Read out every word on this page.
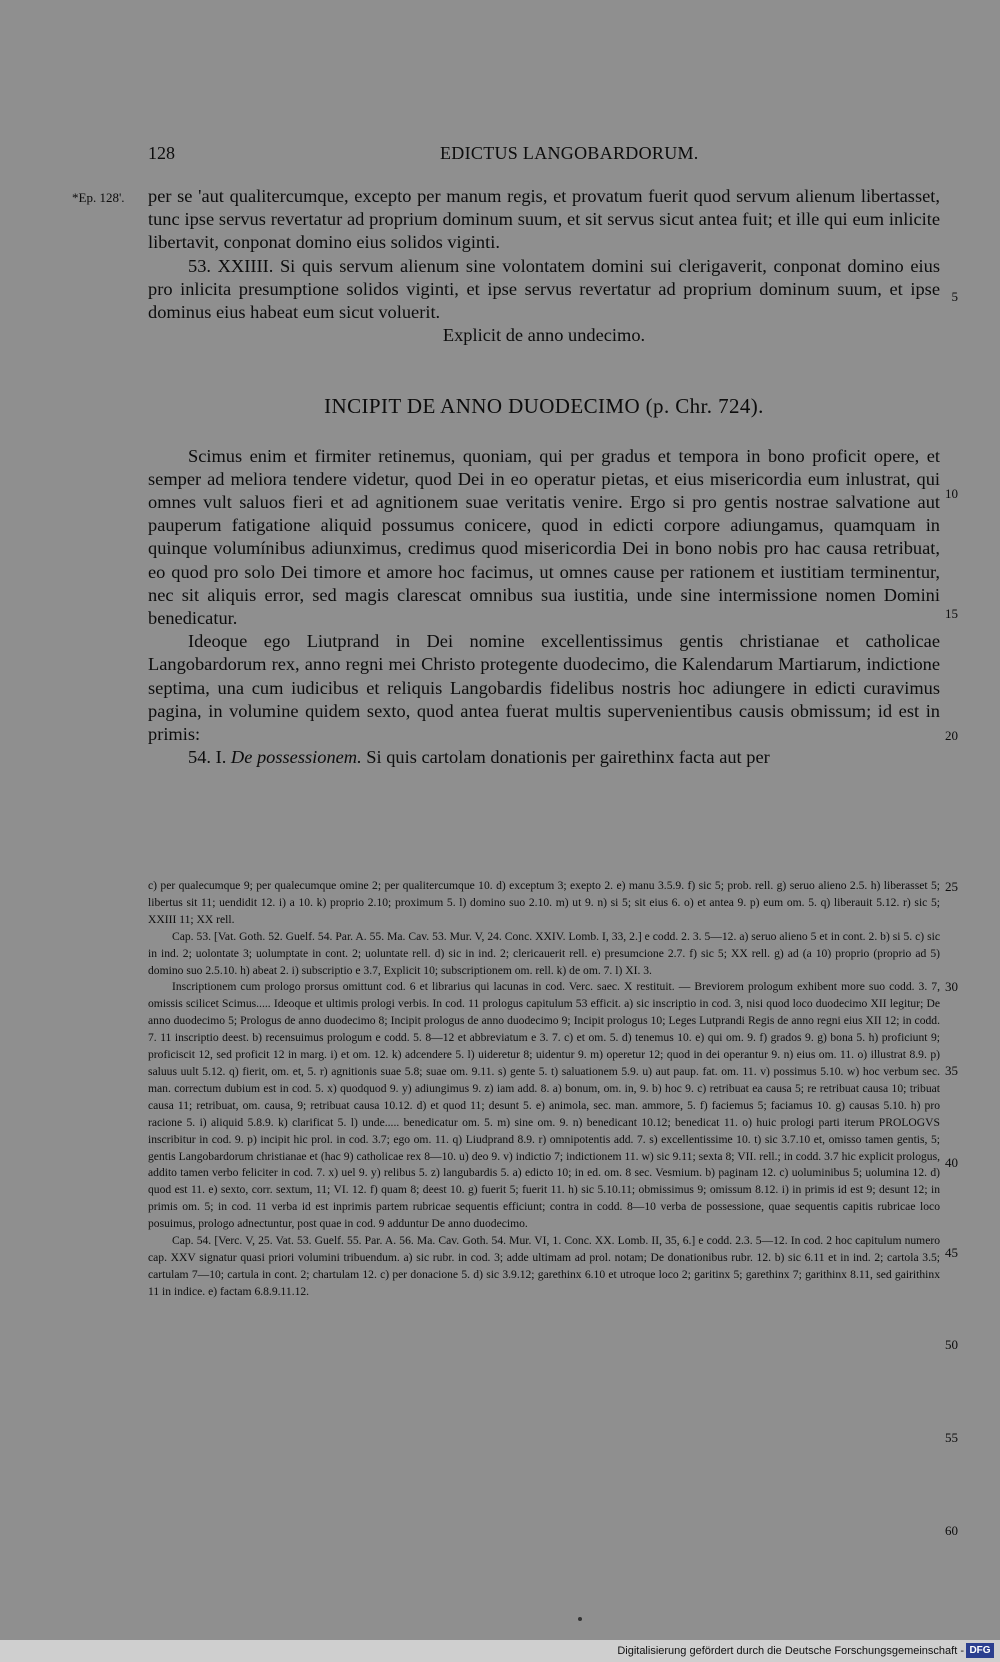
128	EDICTUS LANGOBARDORUM.
*Ep. 128'. per se 'aut qualitercumque, excepto per manum regis, et provatum fuerit quod servum alienum libertasset, tunc ipse servus revertatur ad proprium dominum suum, et sit servus sicut antea fuit; et ille qui eum inlicite libertavit, conponat domino eius solidos viginti.

53. XXIIII. Si quis servum alienum sine volontatem domini sui clerigaverit, conponat domino eius pro inlicita presumptione solidos viginti, et ipse servus revertatur ad proprium dominum suum, et ipse dominus eius habeat eum sicut voluerit.

Explicit de anno undecimo.

INCIPIT DE ANNO DUODECIMO (p. Chr. 724).

Scimus enim et firmiter retinemus, quoniam, qui per gradus et tempora in bono proficit opere, et semper ad meliora tendere videtur, quod Dei in eo operatur pietas, et eius misericordia eum inlustrat, qui omnes vult saluos fieri et ad agnitionem suae veritatis venire. Ergo si pro gentis nostrae salvatione aut pauperum fatigatione aliquid possumus conicere, quod in edicti corpore adiungamus, quamquam in quinque volumínibus adiunximus, credimus quod misericordia Dei in bono nobis pro hac causa retribuat, eo quod pro solo Dei timore et amore hoc facimus, ut omnes cause per rationem et iustitiam terminentur, nec sit aliquis error, sed magis clarescat omnibus sua iustitia, unde sine intermissione nomen Domini benedicatur.

Ideoque ego Liutprand in Dei nomine excellentissimus gentis christianae et catholicae Langobardorum rex, anno regni mei Christo protegente duodecimo, die Kalendarum Martiarum, indictione septima, una cum iudicibus et reliquis Langobardis fidelibus nostris hoc adiungere in edicti curavimus pagina, in volumine quidem sexto, quod antea fuerat multis supervenientibus causis obmissum; id est in primis:

54. I. De possessionem. Si quis cartolam donationis per gairethinx facta aut per

5
10
15
20
25
30
35
40
45
50
55
60

c) per qualecumque 9; per qualecumque omine 2; per qualitercumque 10. d) exceptum 3; exepto 2. e) manu 3.5.9. f) sic 5; prob. rell. g) seruo alieno 2.5. h) liberasset 5; libertus sit 11; uendidit 12. i) a 10. k) proprio 2.10; proximum 5. l) domino suo 2.10. m) ut 9. n) si 5; sit eius 6. o) et antea 9. p) eum om. 5. q) liberauit 5.12. r) sic 5; XXIII 11; XX rell.

Cap. 53. [Vat. Goth. 52. Guelf. 54. Par. A. 55. Ma. Cav. 53. Mur. V, 24. Conc. XXIV. Lomb. I, 33, 2.] e codd. 2. 3. 5—12. a) seruo alieno 5 et in cont. 2. b) si 5. c) sic in ind. 2; uolontate 3; uolumptate in cont. 2; uoluntate rell. d) sic in ind. 2; clericauerit rell. e) presumcione 2.7. f) sic 5; XX rell. g) ad (a 10) proprio (proprio ad 5) domino suo 2.5.10. h) abeat 2. i) subscriptio e 3.7, Explicit 10; subscriptionem om. rell. k) de om. 7. l) XI. 3.

Inscriptionem cum prologo prorsus omittunt cod. 6 et librarius qui lacunas in cod. Verc. saec. X restituit. — Breviorem prologum exhibent more suo codd. 3. 7, omissis scilicet Scimus..... Ideoque et ultimis prologi verbis. In cod. 11 prologus capitulum 53 efficit. a) sic inscriptio in cod. 3, nisi quod loco duodecimo XII legitur; De anno duodecimo 5; Prologus de anno duodecimo 8; Incipit prologus de anno duodecimo 9; Incipit prologus 10; Leges Lutprandi Regis de anno regni eius XII 12; in codd. 7. 11 inscriptio deest. b) recensuimus prologum e codd. 5. 8—12 et abbreviatum e 3. 7. c) et om. 5. d) tenemus 10. e) qui om. 9. f) grados 9. g) bona 5. h) proficiunt 9; proficiscit 12, sed proficit 12 in marg. i) et om. 12. k) adcendere 5. l) uideretur 8; uidentur 9. m) operetur 12; quod in dei operantur 9. n) eius om. 11. o) illustrat 8.9. p) saluus uult 5.12. q) fierit, om. et, 5. r) agnitionis suae 5.8; suae om. 9.11. s) gente 5. t) saluationem 5.9. u) aut paup. fat. om. 11. v) possimus 5.10. w) hoc verbum sec. man. correctum dubium est in cod. 5. x) quodquod 9. y) adiungimus 9. z) iam add. 8. a) bonum, om. in, 9. b) hoc 9. c) retribuat ea causa 5; re retribuat causa 10; tribuat causa 11; retribuat, om. causa, 9; retribuat causa 10.12. d) et quod 11; desunt 5. e) animola, sec. man. ammore, 5. f) faciemus 5; faciamus 10. g) causas 5.10. h) pro racione 5. i) aliquid 5.8.9. k) clarificat 5. l) unde..... benedicatur om. 5. m) sine om. 9. n) benedicant 10.12; benedicat 11. o) huic prologi parti iterum PROLOGVS inscribitur in cod. 9. p) incipit hic prol. in cod. 3.7; ego om. 11. q) Liudprand 8.9. r) omnipotentis add. 7. s) excellentissime 10. t) sic 3.7.10 et, omisso tamen gentis, 5; gentis Langobardorum christianae et (hac 9) catholicae rex 8—10. u) deo 9. v) indictio 7; indictionem 11. w) sic 9.11; sexta 8; VII. rell.; in codd. 3.7 hic explicit prologus, addito tamen verbo feliciter in cod. 7. x) uel 9. y) relibus 5. z) langubardis 5. a) edicto 10; in ed. om. 8 sec. Vesmium. b) paginam 12. c) uoluminibus 5; uolumina 12. d) quod est 11. e) sexto, corr. sextum, 11; VI. 12. f) quam 8; deest 10. g) fuerit 5; fuerit 11. h) sic 5.10.11; obmissimus 9; omissum 8.12. i) in primis id est 9; desunt 12; in primis om. 5; in cod. 11 verba id est inprimis partem rubricae sequentis efficiunt; contra in codd. 8—10 verba de possessione, quae sequentis capitis rubricae loco posuimus, prologo adnectuntur, post quae in cod. 9 adduntur De anno duodecimo.

Cap. 54. [Verc. V, 25. Vat. 53. Guelf. 55. Par. A. 56. Ma. Cav. Goth. 54. Mur. VI, 1. Conc. XX. Lomb. II, 35, 6.] e codd. 2.3. 5—12. In cod. 2 hoc capitulum numero cap. XXV signatur quasi priori volumini tribuendum. a) sic rubr. in cod. 3; adde ultimam ad prol. notam; De donationibus rubr. 12. b) sic 6.11 et in ind. 2; cartola 3.5; cartulam 7—10; cartula in cont. 2; chartulam 12. c) per donacione 5. d) sic 3.9.12; garethinx 6.10 et utroque loco 2; garitinx 5; garethinx 7; garithinx 8.11, sed gairithinx 11 in indice. e) factam 6.8.9.11.12.

Digitalisierung gefördert durch die Deutsche Forschungsgemeinschaft - DFG
